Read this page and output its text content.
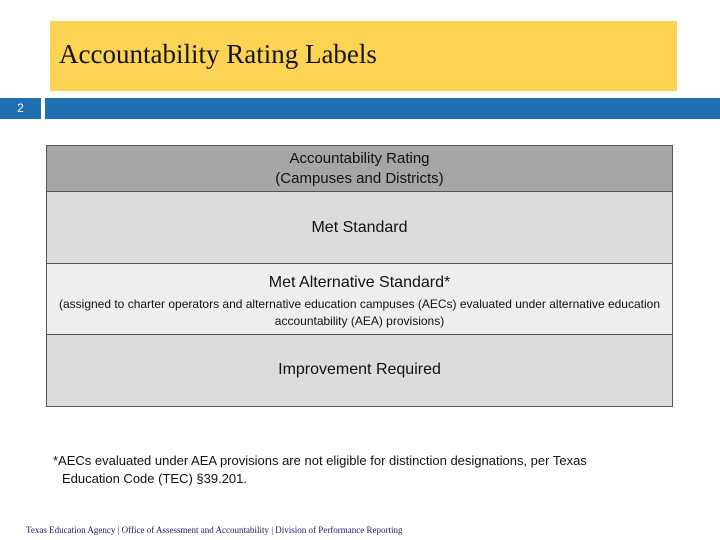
Accountability Rating Labels
2
Accountability Rating
(Campuses and Districts)
Met Standard
Met Alternative Standard*
(assigned to charter operators and alternative education campuses (AECs) evaluated under alternative education accountability (AEA) provisions)
Improvement Required
*AECs evaluated under AEA provisions are not eligible for distinction designations, per Texas
Education Code (TEC) §39.201.
Texas Education Agency | Office of Assessment and Accountability | Division of Performance Reporting
